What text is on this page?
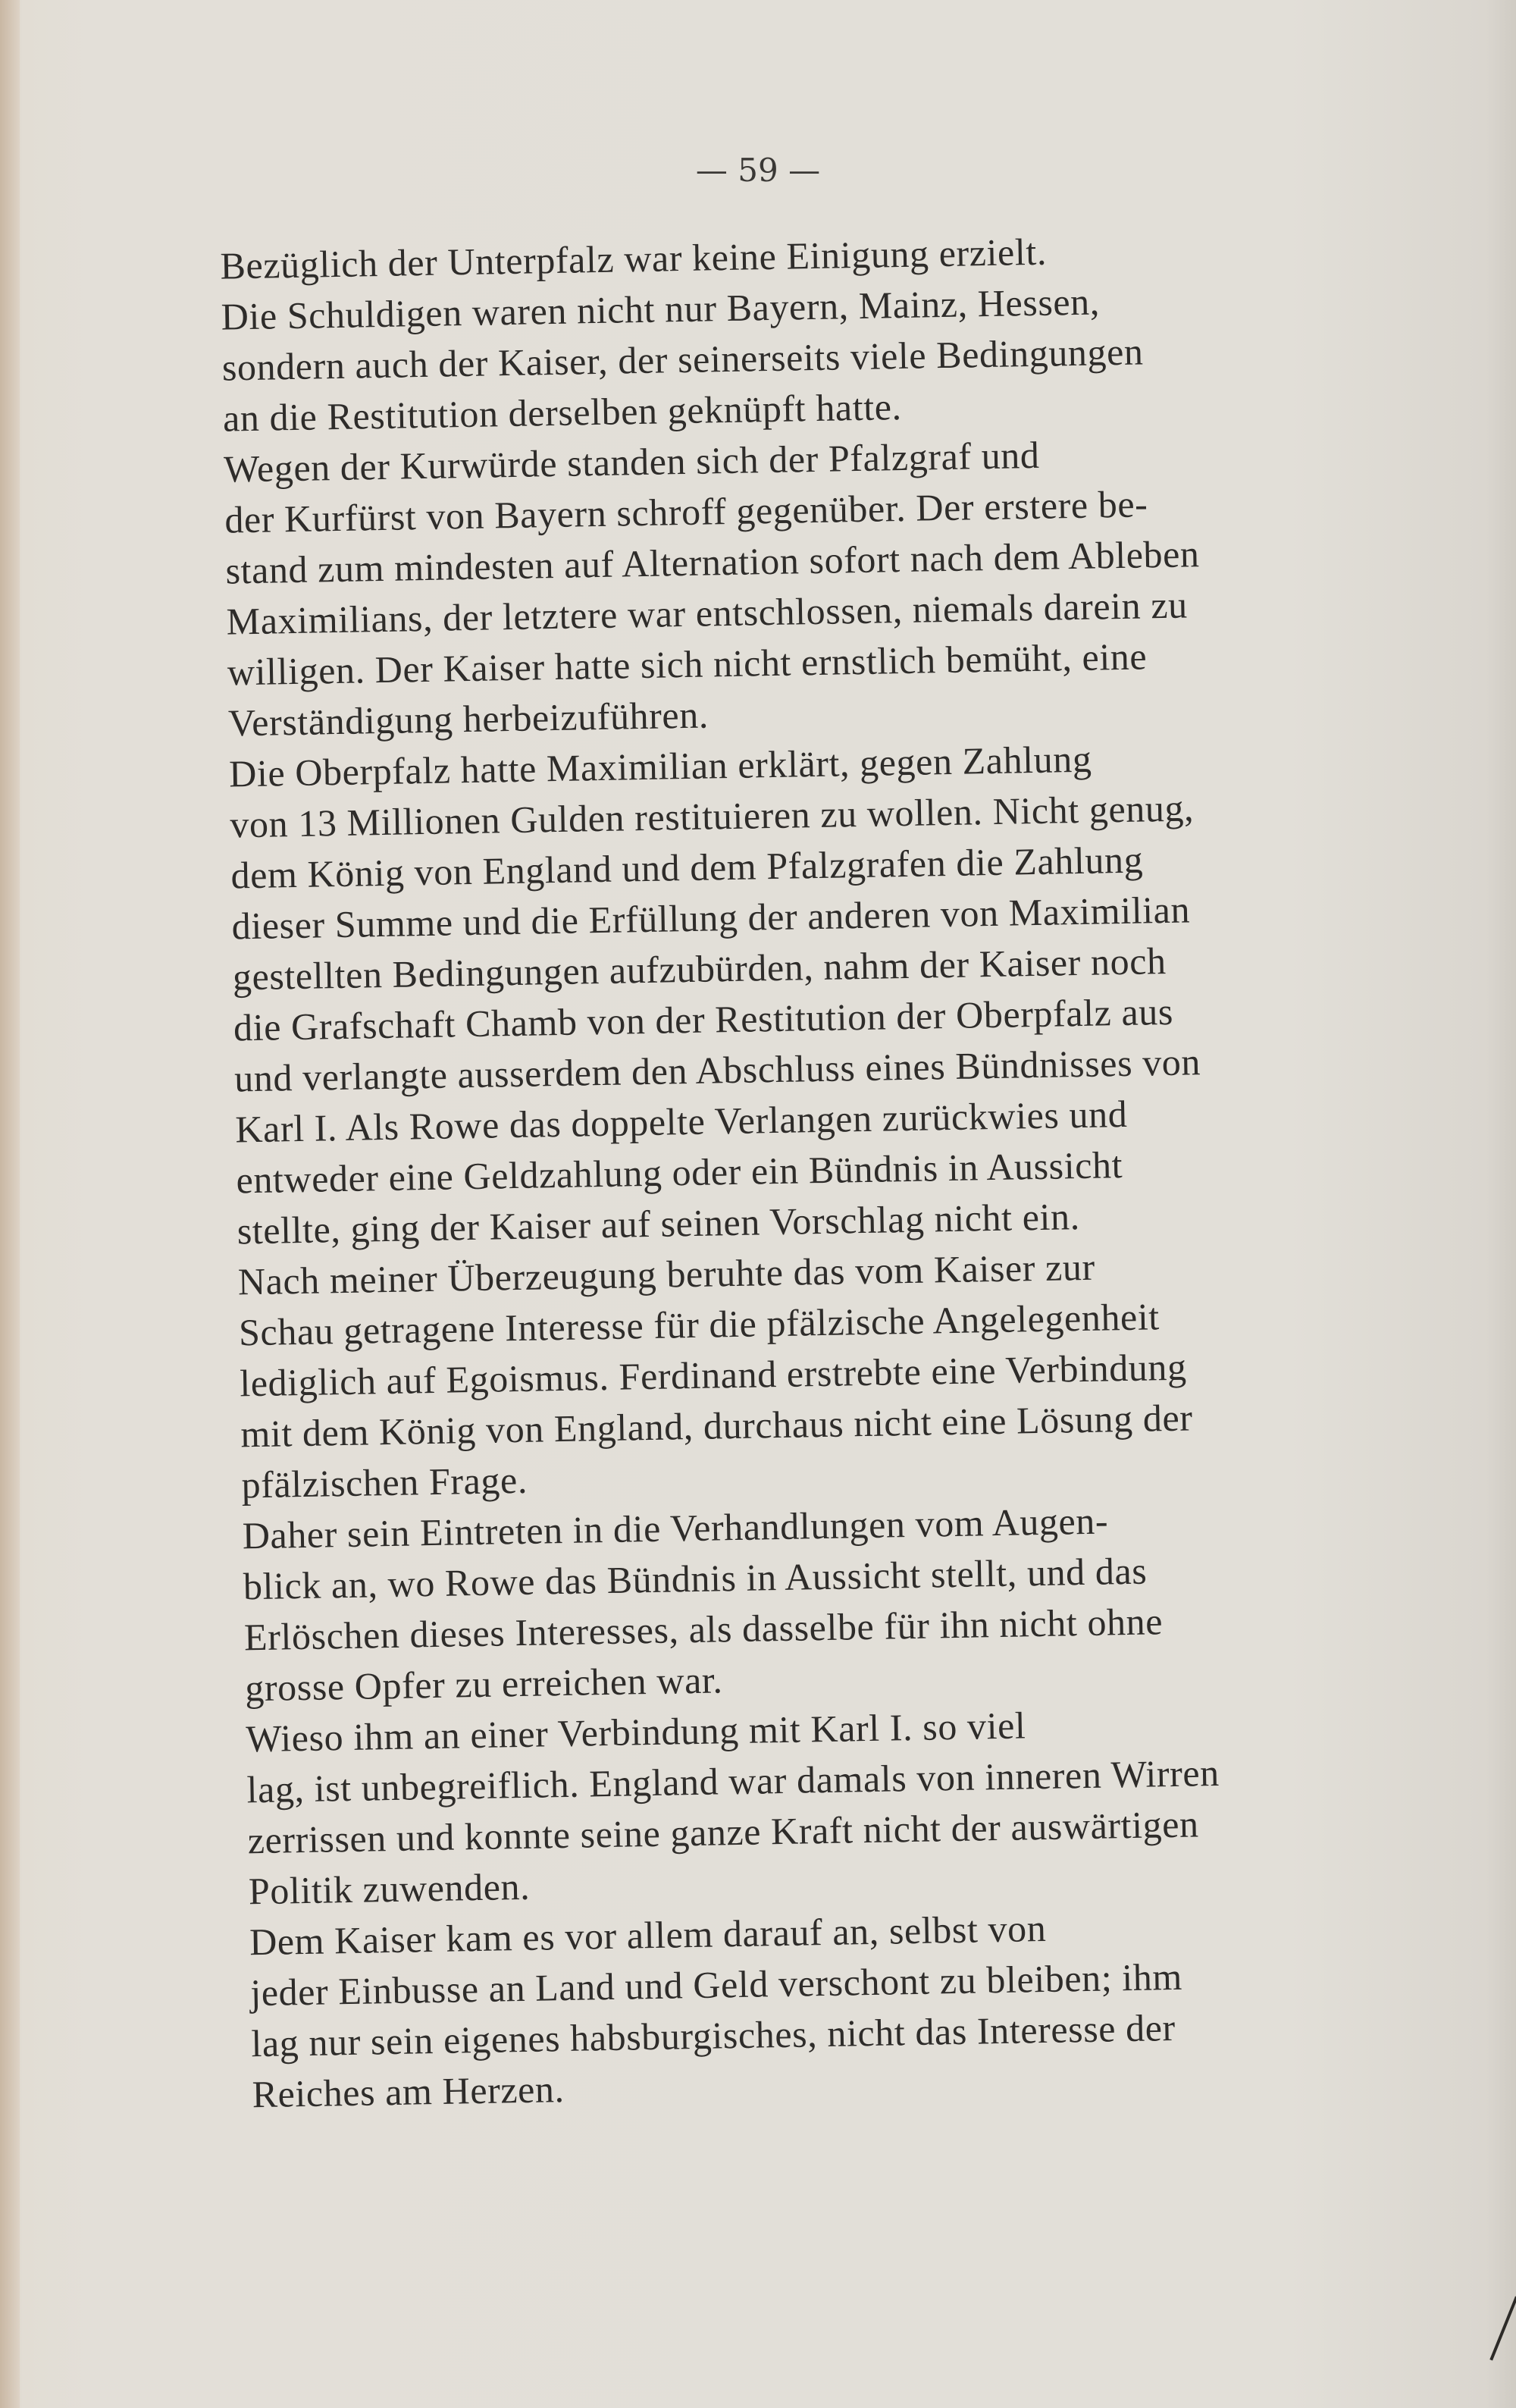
— 59 —

Bezüglich der Unterpfalz war keine Einigung erzielt.
Die Schuldigen waren nicht nur Bayern, Mainz, Hessen,
sondern auch der Kaiser, der seinerseits viele Bedingungen
an die Restitution derselben geknüpft hatte.

Wegen der Kurwürde standen sich der Pfalzgraf und
der Kurfürst von Bayern schroff gegenüber. Der erstere be-
stand zum mindesten auf Alternation sofort nach dem Ableben
Maximilians, der letztere war entschlossen, niemals darein zu
willigen. Der Kaiser hatte sich nicht ernstlich bemüht, eine
Verständigung herbeizuführen.

Die Oberpfalz hatte Maximilian erklärt, gegen Zahlung
von 13 Millionen Gulden restituieren zu wollen. Nicht genug,
dem König von England und dem Pfalzgrafen die Zahlung
dieser Summe und die Erfüllung der anderen von Maximilian
gestellten Bedingungen aufzubürden, nahm der Kaiser noch
die Grafschaft Chamb von der Restitution der Oberpfalz aus
und verlangte ausserdem den Abschluss eines Bündnisses von
Karl I. Als Rowe das doppelte Verlangen zurückwies und
entweder eine Geldzahlung oder ein Bündnis in Aussicht
stellte, ging der Kaiser auf seinen Vorschlag nicht ein.

Nach meiner Überzeugung beruhte das vom Kaiser zur
Schau getragene Interesse für die pfälzische Angelegenheit
lediglich auf Egoismus. Ferdinand erstrebte eine Verbindung
mit dem König von England, durchaus nicht eine Lösung der
pfälzischen Frage.

Daher sein Eintreten in die Verhandlungen vom Augen-
blick an, wo Rowe das Bündnis in Aussicht stellt, und das
Erlöschen dieses Interesses, als dasselbe für ihn nicht ohne
grosse Opfer zu erreichen war.

Wieso ihm an einer Verbindung mit Karl I. so viel
lag, ist unbegreiflich. England war damals von inneren Wirren
zerrissen und konnte seine ganze Kraft nicht der auswärtigen
Politik zuwenden.

Dem Kaiser kam es vor allem darauf an, selbst von
jeder Einbusse an Land und Geld verschont zu bleiben; ihm
lag nur sein eigenes habsburgisches, nicht das Interesse der
Reiches am Herzen.
